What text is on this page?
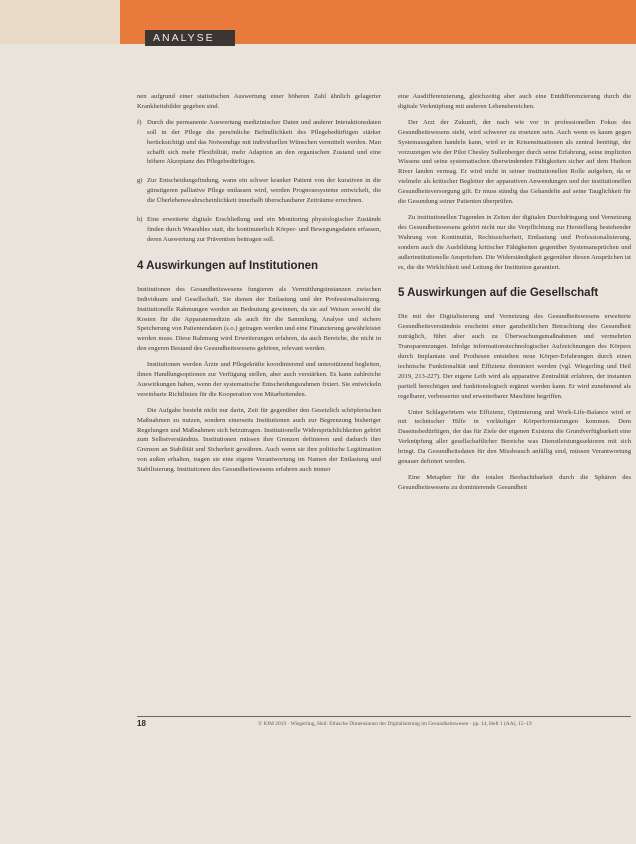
ANALYSE

nen aufgrund einer statistischen Auswertung einer höheren Zahl ähnlich gelagerter Krankheitsbilder gegeben sind.

f) Durch die permanente Auswertung medizinischer Daten und anderer Interaktionsdaten soll in der Pflege die persönliche Befindlichkeit des Pflegebedürftigen stärker berücksichtigt und das Notwendige mit individuellen Wünschen vermittelt werden. Man schafft sich mehr Flexibilität, mehr Adaption an den organischen Zustand und eine höhere Akzeptanz des Pflegebedürftigen.
g) Zur Entscheidungsfindung, wann ein schwer kranker Patient von der kurativen in die günstigeren palliative Pflege entlassen wird, werden Prognosesysteme entwickelt, die die Überlebenswahrscheinlichkeit innerhalb überschaubarer Zeiträume errechnen.
h) Eine erweiterte digitale Erschließung und ein Monitoring physiologischer Zustände finden durch Wearables statt, die kontinuierlich Körper- und Bewegungsdaten erfassen, deren Auswertung zur Prävention beitragen soll.
4 Auswirkungen auf Institutionen

Institutionen des Gesundheitswesens fungieren als Vermittlungsinstanzen zwischen Individuum und Gesellschaft. Sie dienen der Entlastung und der Professionalisierung. Institutionelle Rahmungen werden an Bedeutung gewinnen, da sie auf Weisen sowohl die Kosten für die Apparatemedizin als auch für die Sammlung, Analyse und sichere Speicherung von Patientendaten (s.o.) getragen werden und eine Finanzierung gewährleistet werden muss. Diese Rahmung wird Erweiterungen erfahren, da auch Bereiche, die nicht in den engeren Bestand des Gesundheitswesens gehören, relevant werden.

Institutionen werden Ärzte und Pflegekräfte koordinierend und unterstützend begleiten, ihnen Handlungsoptionen zur Verfügung stellen, aber auch verstärken. Es kann zahlreiche Auswirkungen haben, wenn der systematische Entscheidungsrahmen fixiert. Sie entwickeln vereinbarte Richtlinien für die Kooperation von Mitarbeitenden.

Die Aufgabe besteht nicht nur darin, Zeit für gegenüber den Gesetzlich schöpferischen Maßnahmen zu nutzen, sondern einerseits Institutionen auch zur Begrenzung bisheriger Regelungen und Maßnahmen sich beizutragen. Institutionelle Widersprüchlichkeiten gehört zum Selbstverständnis. Institutionen müssen ihre Grenzen definieren und dadurch ihre Grenzen an Stabilität und Sicherheit gewähren. Auch wenn sie ihre politische Legitimation von außen erhalten, tragen sie eine eigene Verantwortung im Namen der Entlastung und Stabilisierung. Institutionen des Gesundheitswesens erfahren auch immer

eine Ausdifferenzierung, gleichzeitig aber auch eine Entdifferenzierung durch die digitale Verknüpfung mit anderen Lebensbereichen.

Der Arzt der Zukunft, der nach wie vor in professionellen Fokus des Gesundheitswesens steht, wird schwerer zu ersetzen sein. Auch wenn es kaum gegen Systemausgaben handeln kann, wird er in Krisensituationen als zentral benötigt, der vorzuzeigen wie der Pilot Chesley Sullenberger durch seine Erfahrung, seine impliziten Wissens und seine systematischen überwindenden Fähigkeiten sicher auf dem Hudson River landen vermag. Er wird nicht in seiner institutionellen Rolle aufgeben, da er vielmehr als kritischer Begleiter der apparativen Anwendungen und der institutionellen Gesundheitsversorgung gilt. Er muss ständig das Gehandelte auf seine Tauglichkeit für die Gesundung seiner Patienten überprüfen.

Zu institutionellen Tugenden in Zeiten der digitalen Durchdringung und Vernetzung des Gesundheitswesens gehört nicht nur die Verpflichtung zur Herstellung bestehender Wahrung von Kontinuität, Rechtssicherheit, Entlastung und Professionalisierung, sondern auch die Ausbildung kritischer Fähigkeiten gegenüber Systemansprüchen und außerinstitutionelle Ansprüchen. Die Widerständigkeit gegenüber diesen Ansprüchen ist es, die die Wirklichkeit und Leitung der Institution garantiert.

5 Auswirkungen auf die Gesellschaft

Die mit der Digitalisierung und Vernetzung des Gesundheitswesens erweiterte Gesundheitsverständnis erscheint einer ganzheitlichen Betrachtung des Gesundheit zuträglich, führt aber auch zu Überwachungsmaßnahmen und vermehrten Transparenzungen. Infolge informationstechnologischer Aufzeichnungen des Körpers durch Implantate und Prothesen entstehen neue Körper-Erfahrungen durch einen technische Funktionalität und Effizienz dominiert werden (vgl. Wiegerling und Heil 2019, 213-227). Der eigene Leib wird als apparative Zentralität erfahren, der instanten partiell berechtigen und funktionslogisch ergänzt werden kann. Er wird zunehmend als regelbarer, verbesserter und erweiterbarer Maschine begriffen.

Unter Schlagwörtern wie Effizienz, Optimierung und Work-Life-Balance wird er mit technischer Hilfe in vorläufiger Körperformierungen kommen. Dem Daseinsbedürftigen, der das für Ziele der eigenen Existenz die Grundverfügbarkeit eine Verknüpfung aller gesellschaftlicher Bereiche was Dienstleistungssektoren mit sich bringt. Da Gesundheitsdaten für den Missbrauch anfällig sind, müssen Verantwortung genauer definiert werden.

Eine Metapher für die totalen Beobachtbarkeit durch die Sphären des Gesundheitswesens zu dominierende Gesundheit

18	© IOM 2019 · Wiegerling, Heil: Ethische Dimensionen der Digitalisierung im Gesundheitswesen · pp. 14, Heft 1 (AA), 15–19
